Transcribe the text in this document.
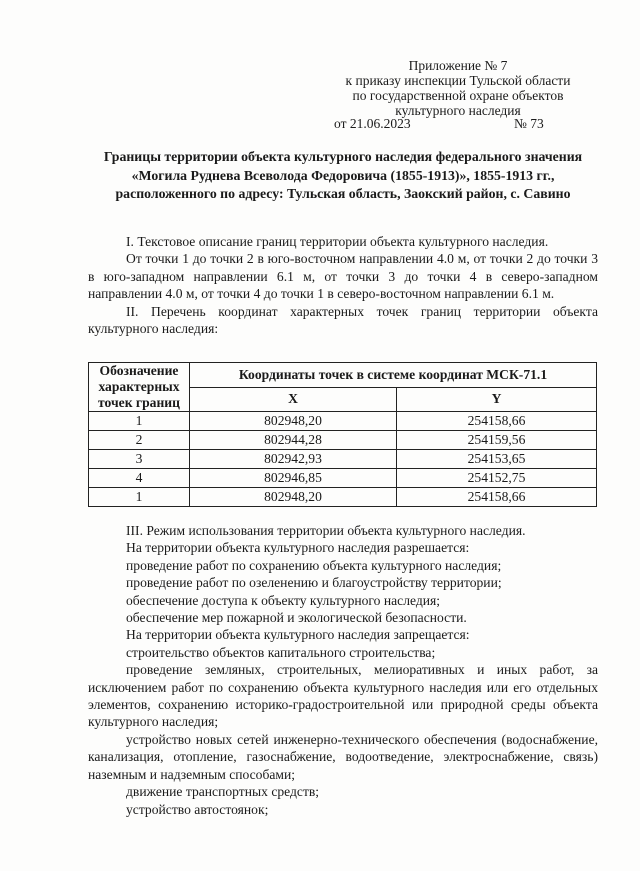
Приложение № 7
к приказу инспекции Тульской области
по государственной охране объектов
культурного наследия
от 21.06.2023	№ 73
Границы территории объекта культурного наследия федерального значения «Могила Руднева Всеволода Федоровича (1855-1913)», 1855-1913 гг., расположенного по адресу: Тульская область, Заокский район, с. Савино

I. Текстовое описание границ территории объекта культурного наследия.

От точки 1 до точки 2 в юго-восточном направлении 4.0 м, от точки 2 до точки 3 в юго-западном направлении 6.1 м, от точки 3 до точки 4 в северо-западном направлении 4.0 м, от точки 4 до точки 1 в северо-восточном направлении 6.1 м.

II. Перечень координат характерных точек границ территории объекта культурного наследия:

Обозначение характерных точек границ	Координаты точек в системе координат МСК-71.1	
	X	Y
1	802948,20	254158,66
2	802944,28	254159,56
3	802942,93	254153,65
4	802946,85	254152,75
1	802948,20	254158,66

III. Режим использования территории объекта культурного наследия.

На территории объекта культурного наследия разрешается:

проведение работ по сохранению объекта культурного наследия;

проведение работ по озеленению и благоустройству территории;

обеспечение доступа к объекту культурного наследия;

обеспечение мер пожарной и экологической безопасности.

На территории объекта культурного наследия запрещается:

строительство объектов капитального строительства;

проведение земляных, строительных, мелиоративных и иных работ, за исключением работ по сохранению объекта культурного наследия или его отдельных элементов, сохранению историко-градостроительной или природной среды объекта культурного наследия;

устройство новых сетей инженерно-технического обеспечения (водоснабжение, канализация, отопление, газоснабжение, водоотведение, электроснабжение, связь) наземным и надземным способами;

движение транспортных средств;

устройство автостоянок;
